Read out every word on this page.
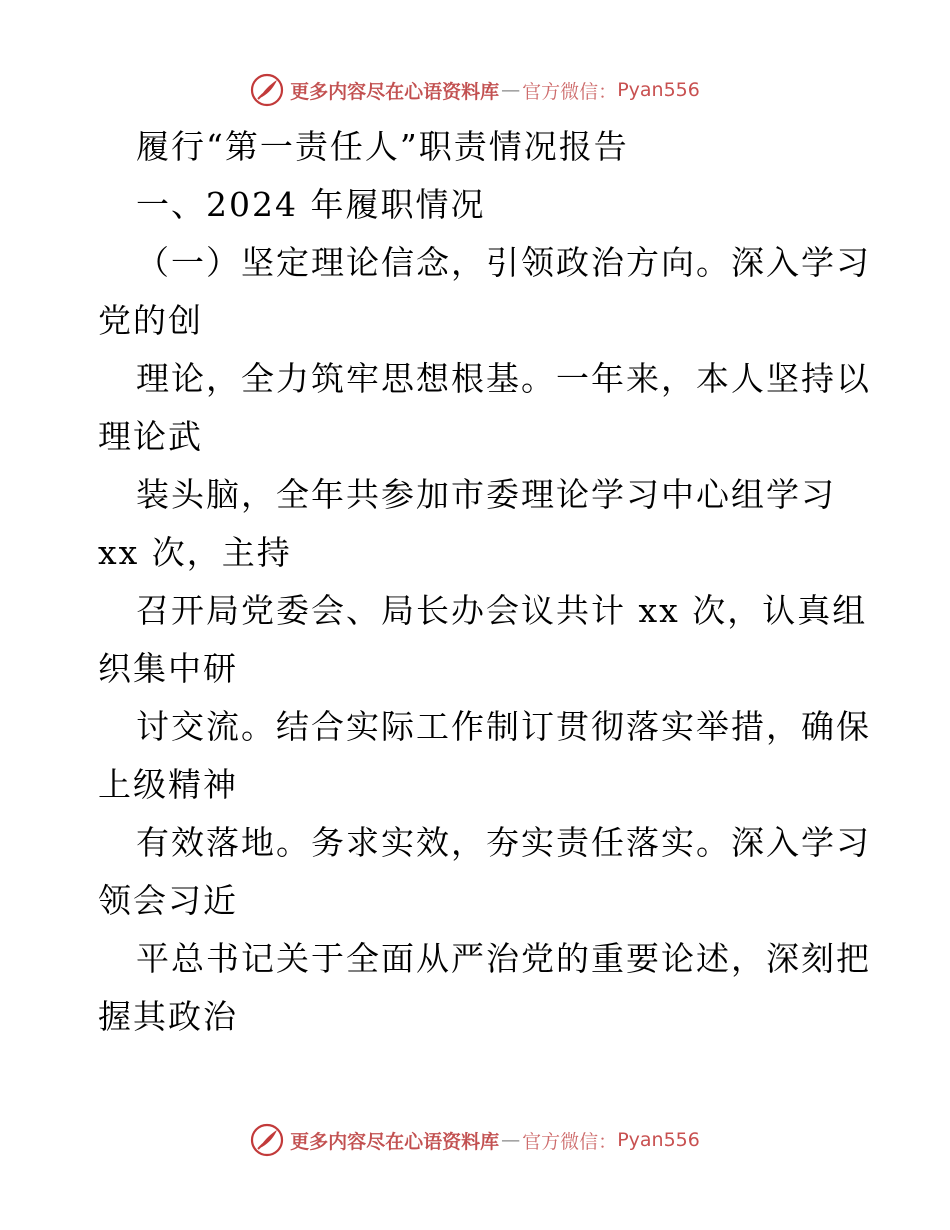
更多内容尽在心语资料库 — 官方微信： Pyan556
履行“第一责任人”职责情况报告
一、2024 年履职情况
（一）坚定理论信念，引领政治方向。深入学习
党的创
理论，全力筑牢思想根基。一年来，本人坚持以
理论武
装头脑，全年共参加市委理论学习中心组学习
xx 次，主持
召开局党委会、局长办会议共计 xx 次，认真组
织集中研
讨交流。结合实际工作制订贯彻落实举措，确保
上级精神
有效落地。务求实效，夯实责任落实。深入学习
领会习近
平总书记关于全面从严治党的重要论述，深刻把
握其政治
更多内容尽在心语资料库 — 官方微信： Pyan556
